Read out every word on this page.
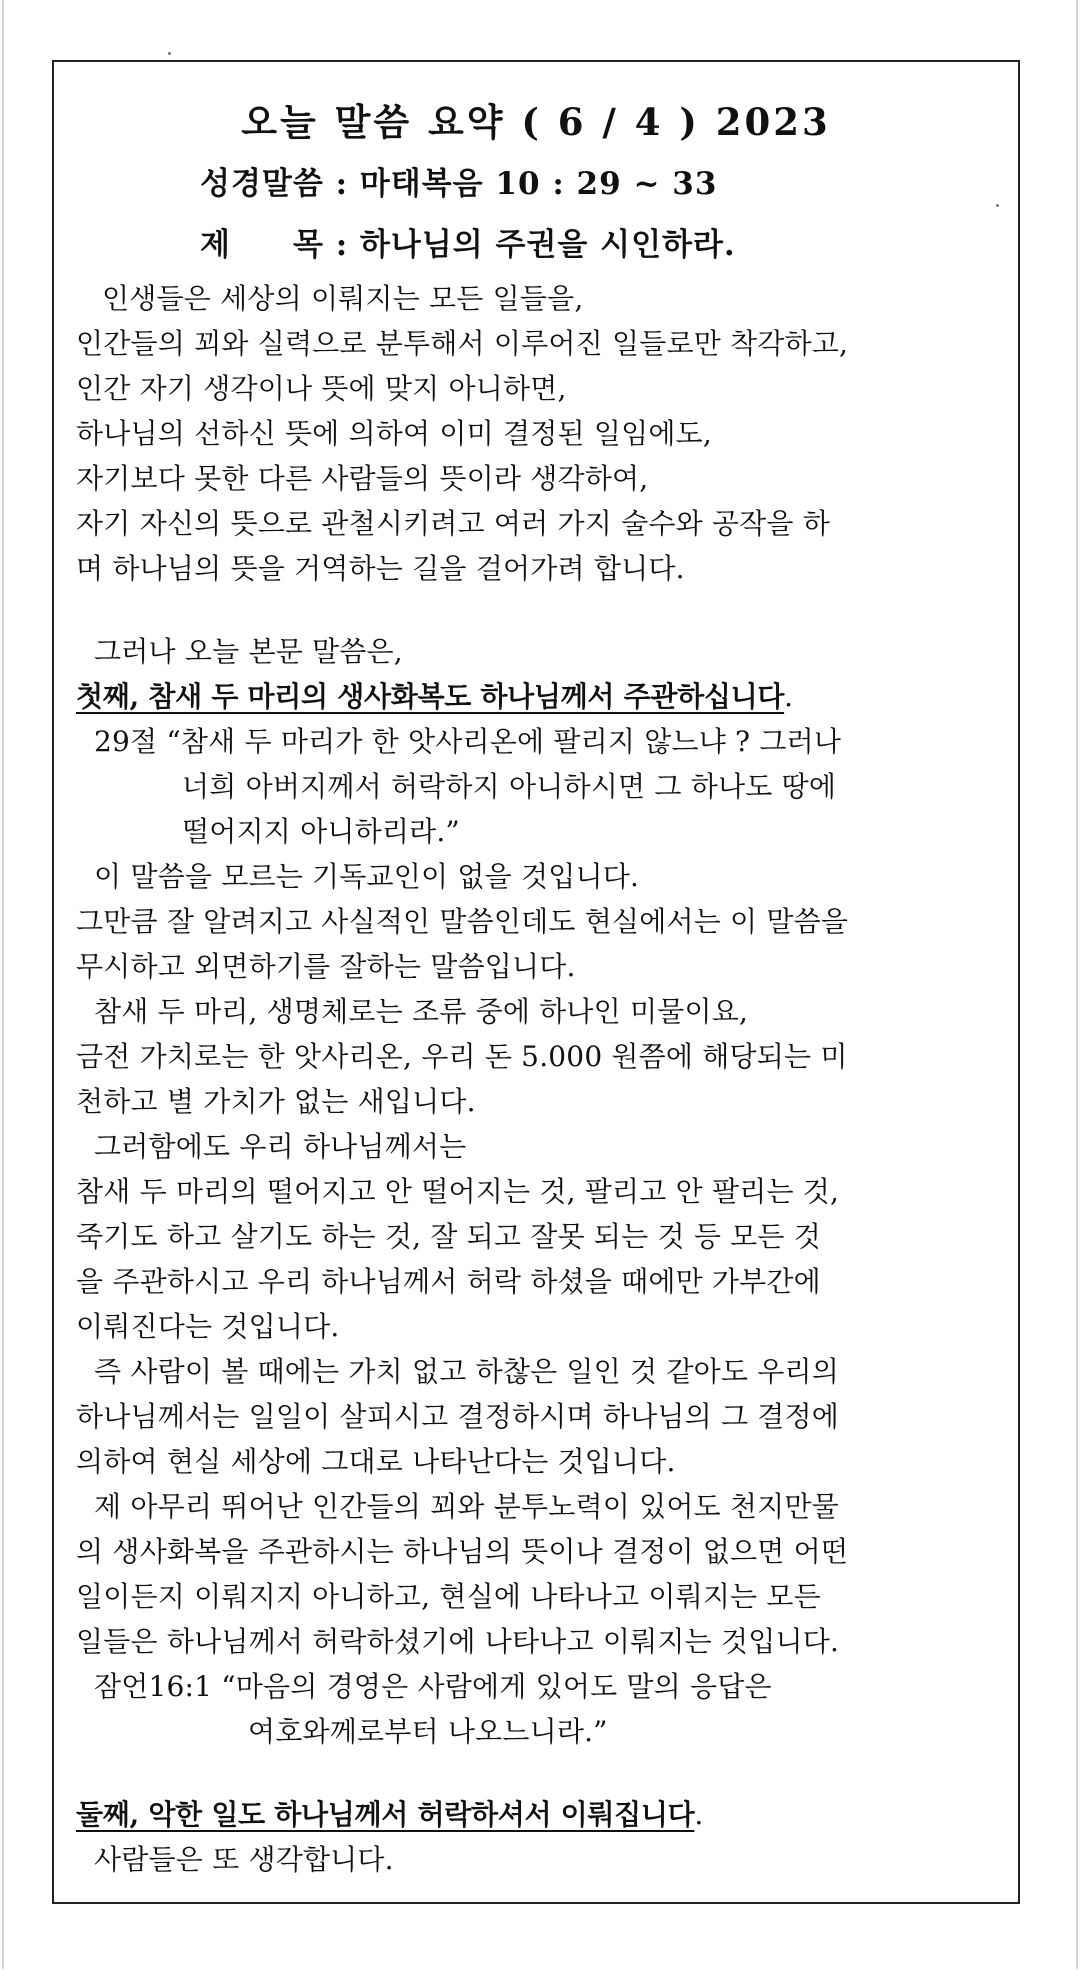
오늘 말씀 요약 ( 6 / 4 ) 2023
성경말씀 : 마태복음 10 : 29 ~ 33
제 목 : 하나님의 주권을 시인하라.
인생들은 세상의 이뤄지는 모든 일들을,
인간들의 꾀와 실력으로 분투해서 이루어진 일들로만 착각하고,
인간 자기 생각이나 뜻에 맞지 아니하면,
하나님의 선하신 뜻에 의하여 이미 결정된 일임에도,
자기보다 못한 다른 사람들의 뜻이라 생각하여,
자기 자신의 뜻으로 관철시키려고 여러 가지 술수와 공작을 하
며 하나님의 뜻을 거역하는 길을 걸어가려 합니다.
그러나 오늘 본문 말씀은,
첫째, 참새 두 마리의 생사화복도 하나님께서 주관하십니다.
29절 “참새 두 마리가 한 앗사리온에 팔리지 않느냐 ? 그러나
너희 아버지께서 허락하지 아니하시면 그 하나도 땅에
떨어지지 아니하리라.”
이 말씀을 모르는 기독교인이 없을 것입니다.
그만큼 잘 알려지고 사실적인 말씀인데도 현실에서는 이 말씀을
무시하고 외면하기를 잘하는 말씀입니다.
참새 두 마리, 생명체로는 조류 중에 하나인 미물이요,
금전 가치로는 한 앗사리온, 우리 돈 5.000 원쯤에 해당되는 미
천하고 별 가치가 없는 새입니다.
그러함에도 우리 하나님께서는
참새 두 마리의 떨어지고 안 떨어지는 것, 팔리고 안 팔리는 것,
죽기도 하고 살기도 하는 것, 잘 되고 잘못 되는 것 등 모든 것
을 주관하시고 우리 하나님께서 허락 하셨을 때에만 가부간에
이뤄진다는 것입니다.
즉 사람이 볼 때에는 가치 없고 하찮은 일인 것 같아도 우리의
하나님께서는 일일이 살피시고 결정하시며 하나님의 그 결정에
의하여 현실 세상에 그대로 나타난다는 것입니다.
제 아무리 뛰어난 인간들의 꾀와 분투노력이 있어도 천지만물
의 생사화복을 주관하시는 하나님의 뜻이나 결정이 없으면 어떤
일이든지 이뤄지지 아니하고, 현실에 나타나고 이뤄지는 모든
일들은 하나님께서 허락하셨기에 나타나고 이뤄지는 것입니다.
잠언16:1 “마음의 경영은 사람에게 있어도 말의 응답은
여호와께로부터 나오느니라.”
둘째, 악한 일도 하나님께서 허락하셔서 이뤄집니다.
사람들은 또 생각합니다.
